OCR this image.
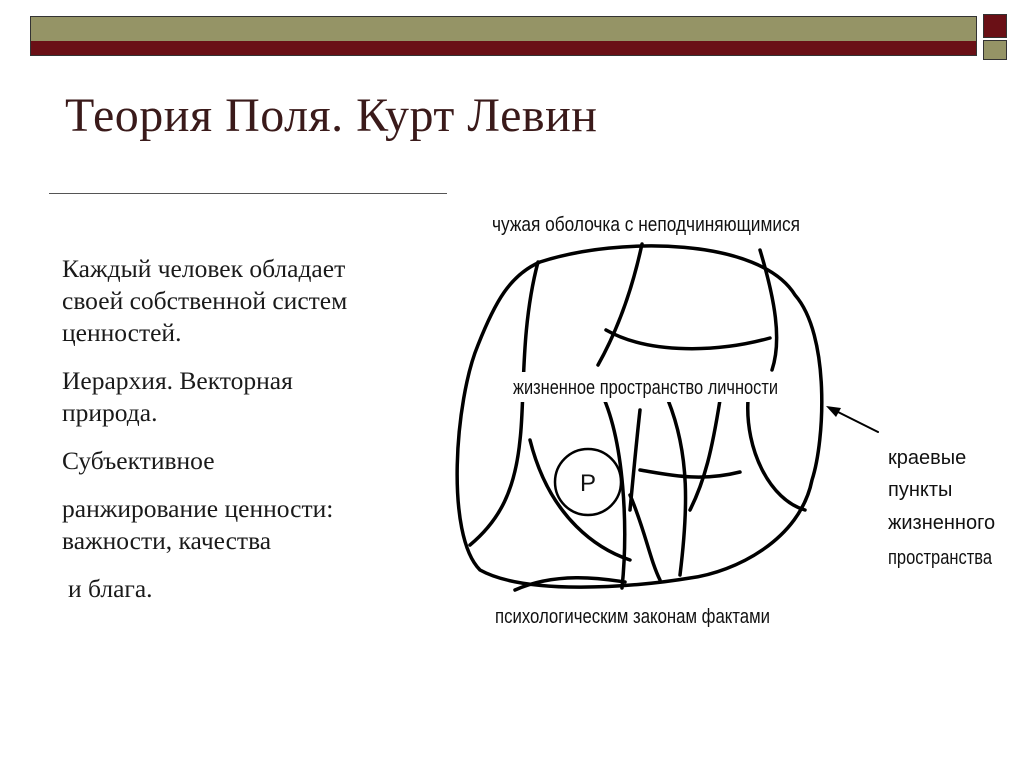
Теория Поля. Курт Левин

Каждый человек обладает

своей собственной систем

ценностей.

Иерархия. Векторная

природа.

Субъективное

ранжирование ценности:

важности, качества

и блага.

чужая оболочка с неподчиняющимися
жизненное пространство личности
P
психологическим законам фактами
краевые
пункты
жизненного
пространства
